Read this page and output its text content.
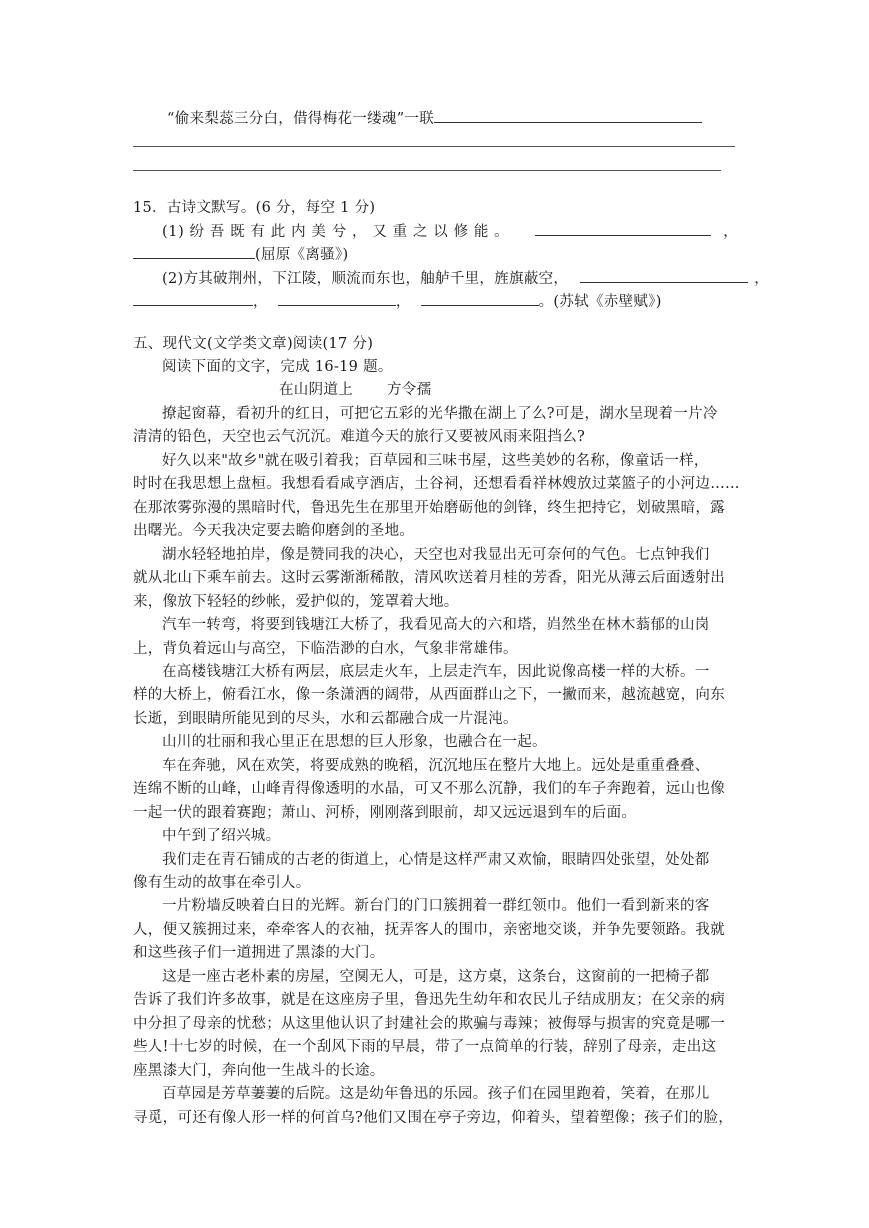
“偷来梨蕊三分白，借得梅花一缕魂”一联
15．古诗文默写。(6 分，每空 1 分)
(1) 纷 吾 既 有 此 内 美 兮 ， 又 重 之 以 修 能 。	，
(屈原《离骚》)
(2)方其破荆州，下江陵，顺流而东也，舳舻千里，旌旗蔽空，	，
，	，	。(苏轼《赤壁赋》)
五、现代文(文学类文章)阅读(17 分)
阅读下面的文字，完成 16-19 题。
在山阴道上 方令孺
撩起窗幕，看初升的红日，可把它五彩的光华撒在湖上了么?可是，湖水呈现着一片冷
清清的铅色，天空也云气沉沉。难道今天的旅行又要被风雨来阻挡么?
好久以来"故乡"就在吸引着我；百草园和三味书屋，这些美妙的名称，像童话一样，
时时在我思想上盘桓。我想看看咸亨酒店，土谷祠，还想看看祥林嫂放过菜篮子的小河边……
在那浓雾弥漫的黑暗时代，鲁迅先生在那里开始磨砺他的剑锋，终生把持它，划破黑暗，露
出曙光。今天我决定要去瞻仰磨剑的圣地。
湖水轻轻地拍岸，像是赞同我的决心，天空也对我显出无可奈何的气色。七点钟我们
就从北山下乘车前去。这时云雾渐渐稀散，清风吹送着月桂的芳香，阳光从薄云后面透射出
来，像放下轻轻的纱帐，爱护似的，笼罩着大地。
汽车一转弯，将要到钱塘江大桥了，我看见高大的六和塔，岿然坐在林木蓊郁的山岗
上，背负着远山与高空，下临浩渺的白水，气象非常雄伟。
在高楼钱塘江大桥有两层，底层走火车，上层走汽车，因此说像高楼一样的大桥。一
样的大桥上，俯看江水，像一条潇洒的阔带，从西面群山之下，一撇而来，越流越宽，向东
长逝，到眼睛所能见到的尽头，水和云都融合成一片混沌。
山川的壮丽和我心里正在思想的巨人形象，也融合在一起。
车在奔驰，风在欢笑，将要成熟的晚稻，沉沉地压在整片大地上。远处是重重叠叠、
连绵不断的山峰，山峰青得像透明的水晶，可又不那么沉静，我们的车子奔跑着，远山也像
一起一伏的跟着赛跑；萧山、河桥，刚刚落到眼前，却又远远退到车的后面。
中午到了绍兴城。
我们走在青石铺成的古老的街道上，心情是这样严肃又欢愉，眼睛四处张望，处处都
像有生动的故事在牵引人。
一片粉墙反映着白日的光辉。新台门的门口簇拥着一群红领巾。他们一看到新来的客
人，便又簇拥过来，牵牵客人的衣袖，抚弄客人的围巾，亲密地交谈，并争先要领路。我就
和这些孩子们一道拥进了黑漆的大门。
这是一座古老朴素的房屋，空阒无人，可是，这方桌，这条台，这窗前的一把椅子都
告诉了我们许多故事，就是在这座房子里，鲁迅先生幼年和农民儿子结成朋友；在父亲的病
中分担了母亲的忧愁；从这里他认识了封建社会的欺骗与毒辣；被侮辱与损害的究竟是哪一
些人!十七岁的时候，在一个刮风下雨的早晨，带了一点简单的行装，辞别了母亲，走出这
座黑漆大门，奔向他一生战斗的长途。
百草园是芳草萋萋的后院。这是幼年鲁迅的乐园。孩子们在园里跑着，笑着，在那儿
寻觅，可还有像人形一样的何首乌?他们又围在亭子旁边，仰着头，望着塑像；孩子们的脸，
